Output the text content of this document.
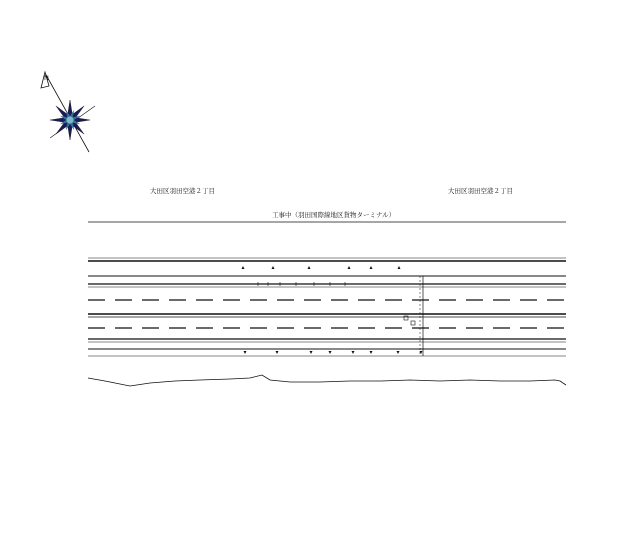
N
大田区羽田空港２丁目	大田区羽田空港２丁目
工事中（羽田国際線地区貨物ターミナル）
